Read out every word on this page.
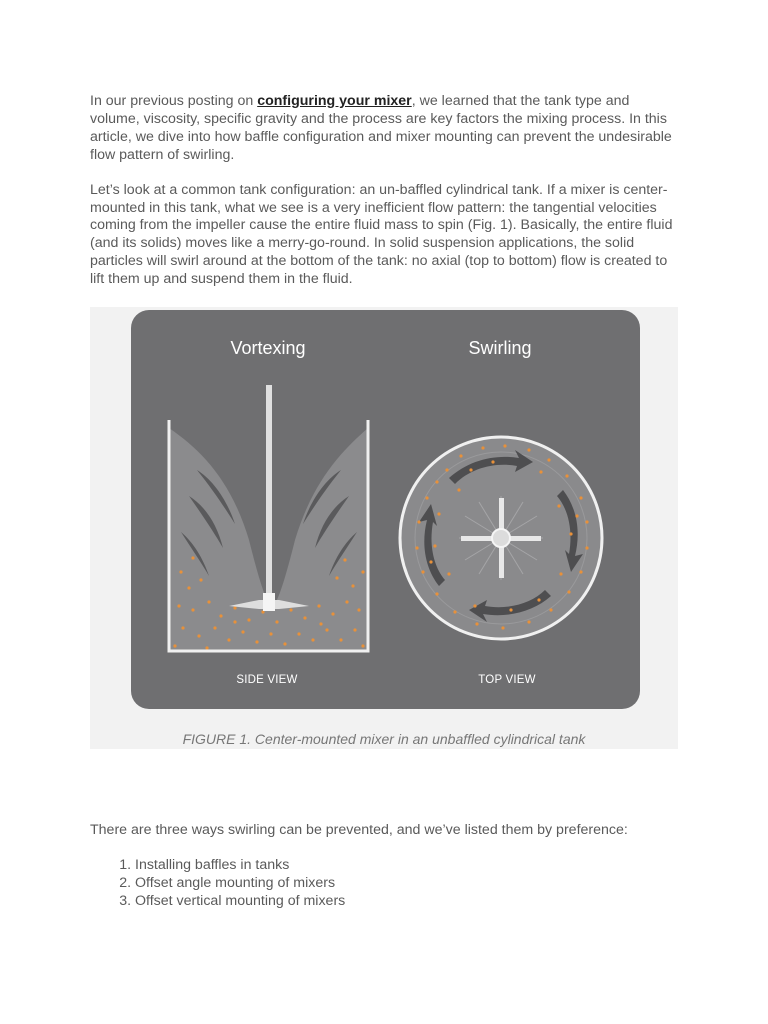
In our previous posting on configuring your mixer, we learned that the tank type and volume, viscosity, specific gravity and the process are key factors the mixing process. In this article, we dive into how baffle configuration and mixer mounting can prevent the undesirable flow pattern of swirling.

Let’s look at a common tank configuration: an un-baffled cylindrical tank. If a mixer is center-mounted in this tank, what we see is a very inefficient flow pattern: the tangential velocities coming from the impeller cause the entire fluid mass to spin (Fig. 1). Basically, the entire fluid (and its solids) moves like a merry-go-round. In solid suspension applications, the solid particles will swirl around at the bottom of the tank: no axial (top to bottom) flow is created to lift them up and suspend them in the fluid.

Vortexing	Swirling
SIDE VIEW	TOP VIEW
FIGURE 1. Center-mounted mixer in an unbaffled cylindrical tank

There are three ways swirling can be prevented, and we’ve listed them by preference:

1. Installing baffles in tanks
2. Offset angle mounting of mixers
3. Offset vertical mounting of mixers
